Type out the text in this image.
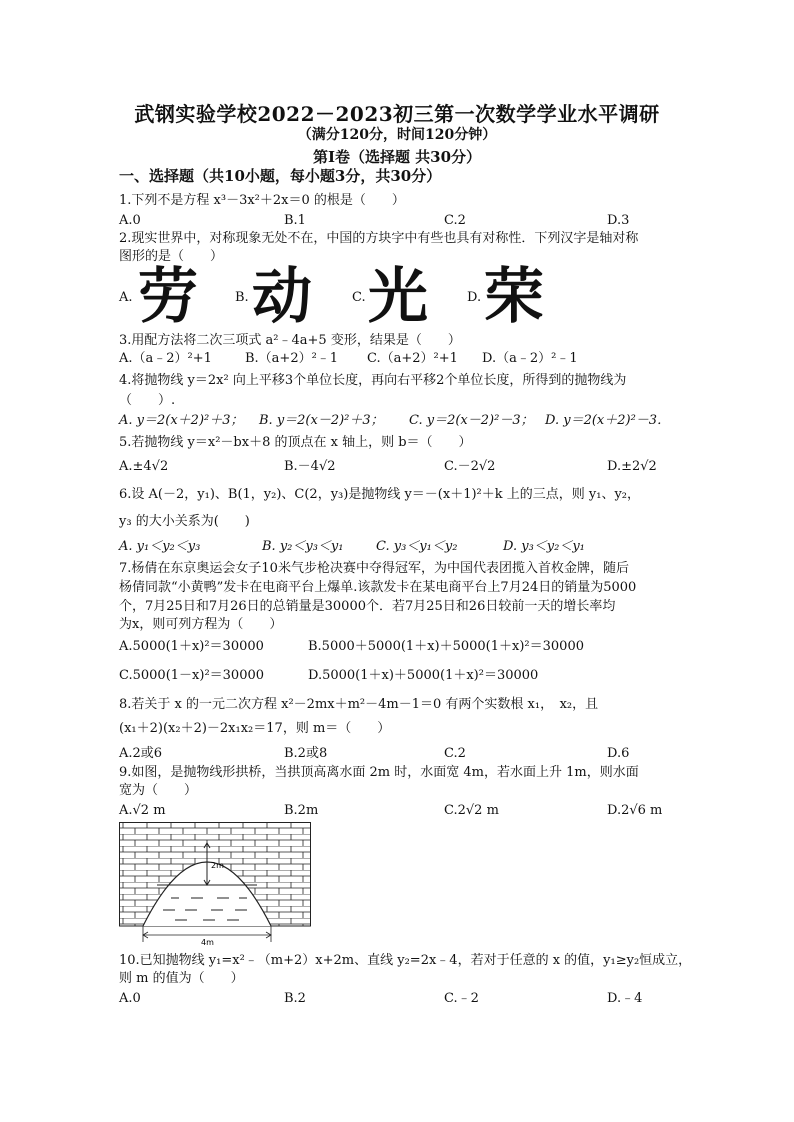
武钢实验学校2022－2023初三第一次数学学业水平调研
（满分120分，时间120分钟）
第Ⅰ卷（选择题 共30分）
一、选择题（共10小题，每小题3分，共30分）
1.下列不是方程 x³－3x²＋2x＝0 的根是（　　）
A.0	B.1	C.2	D.3
2.现实世界中，对称现象无处不在，中国的方块字中有些也具有对称性．下列汉字是轴对称
图形的是（　　）
A. 劳	B. 动	C. 光	D. 荣
3.用配方法将二次三项式 a²﹣4a+5 变形，结果是（　　）
A.（a﹣2）²+1	B.（a+2）²﹣1 C.（a+2）²+1 D.（a﹣2）²﹣1
4.将抛物线 y＝2x² 向上平移3个单位长度，再向右平移2个单位长度，所得到的抛物线为
（　　）.
A. y＝2(x＋2)²＋3； B. y＝2(x－2)²＋3； C. y＝2(x－2)²－3； D. y＝2(x＋2)²－3．
5.若抛物线 y＝x²－bx＋8 的顶点在 x 轴上，则 b＝（　　）
A.±4√2	B.－4√2	C.－2√2	D.±2√2
6.设 A(－2，y₁)、B(1，y₂)、C(2，y₃)是抛物线 y＝－(x＋1)²＋k 上的三点，则 y₁、y₂，
y₃ 的大小关系为(　　)
A. y₁＜y₂＜y₃	B. y₂＜y₃＜y₁	C. y₃＜y₁＜y₂	D. y₃＜y₂＜y₁
7.杨倩在东京奥运会女子10米气步枪决赛中夺得冠军，为中国代表团揽入首枚金牌，随后
杨倩同款“小黄鸭”发卡在电商平台上爆单.该款发卡在某电商平台上7月24日的销量为5000
个，7月25日和7月26日的总销量是30000个．若7月25日和26日较前一天的增长率均
为x，则可列方程为（　　）
A.5000(1＋x)²＝30000	B.5000＋5000(1＋x)＋5000(1＋x)²＝30000
C.5000(1－x)²＝30000	D.5000(1＋x)＋5000(1＋x)²＝30000
8.若关于 x 的一元二次方程 x²－2mx＋m²－4m－1＝0 有两个实数根 x₁，　x₂，且
(x₁＋2)(x₂＋2)－2x₁x₂＝17，则 m＝（　　）
A.2或6	B.2或8	C.2	D.6
9.如图，是抛物线形拱桥，当拱顶高离水面 2m 时，水面宽 4m，若水面上升 1m，则水面
宽为（　　）
A.√2 m	B.2m	C.2√2 m	D.2√6 m
2m
4m
10.已知抛物线 y₁=x²﹣（m+2）x+2m、直线 y₂=2x﹣4，若对于任意的 x 的值，y₁≥y₂恒成立，
则 m 的值为（　　）
A.0	B.2	C.﹣2	D.﹣4
